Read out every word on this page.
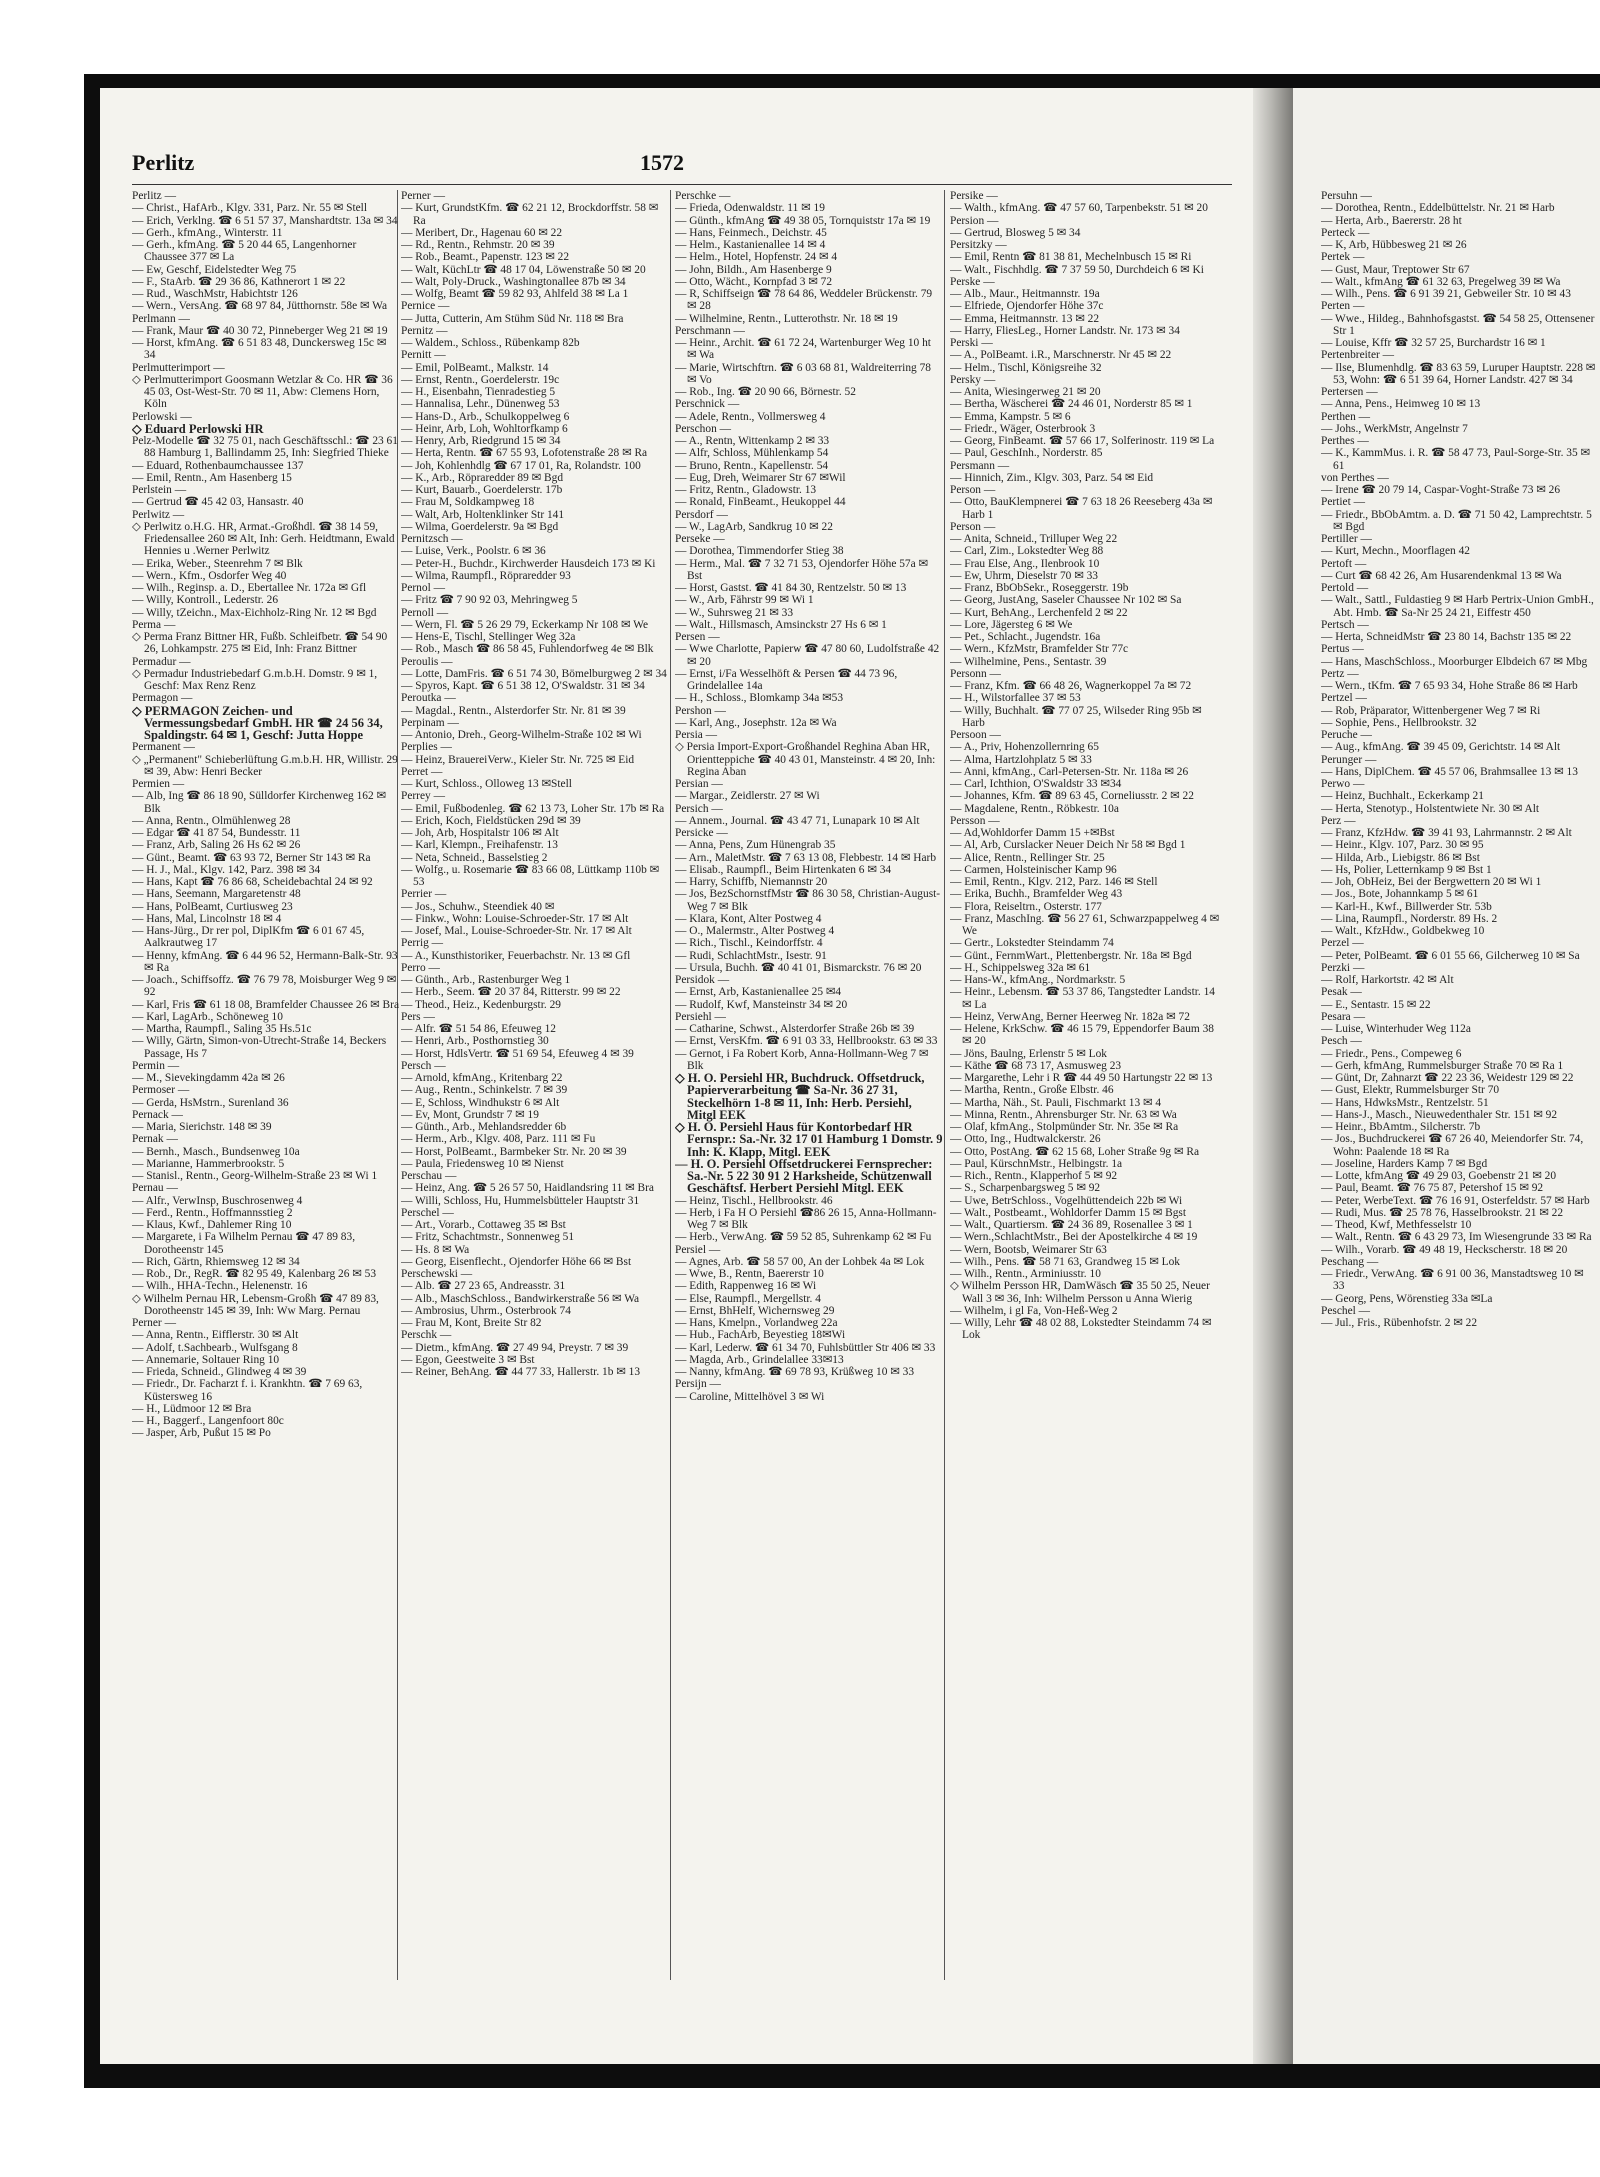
Perlitz	1572

Perlitz —

— Christ., HafArb., Klgv. 331, Parz. Nr. 55 ✉ Stell

— Erich, Verklng. ☎ 6 51 57 37, Manshardtstr. 13a ✉ 34

— Gerh., kfmAng., Winterstr. 11

— Gerh., kfmAng. ☎ 5 20 44 65, Langenhorner Chaussee 377 ✉ La

— Ew, Geschf, Eidelstedter Weg 75

— F., StaArb. ☎ 29 36 86, Kathnerort 1 ✉ 22

— Rud., WaschMstr, Habichtstr 126

— Wern., VersAng. ☎ 68 97 84, Jütthornstr. 58e ✉ Wa

Perlmann —

— Frank, Maur ☎ 40 30 72, Pinneberger Weg 21 ✉ 19

— Horst, kfmAng. ☎ 6 51 83 48, Dunckersweg 15c ✉ 34

Perlmutterimport —

◇ Perlmutterimport Goosmann Wetzlar & Co. HR ☎ 36 45 03, Ost-West-Str. 70 ✉ 11, Abw: Clemens Horn, Köln

Perlowski —

◇ Eduard Perlowski HR

Pelz-Modelle ☎ 32 75 01, nach Geschäftsschl.: ☎ 23 61 88 Hamburg 1, Ballindamm 25, Inh: Siegfried Thieke

— Eduard, Rothenbaumchaussee 137

— Emil, Rentn., Am Hasenberg 15

Perlstein —

— Gertrud ☎ 45 42 03, Hansastr. 40

Perlwitz —

◇ Perlwitz o.H.G. HR, Armat.-Großhdl. ☎ 38 14 59, Friedensallee 260 ✉ Alt, Inh: Gerh. Heidtmann, Ewald Hennies u .Werner Perlwitz

— Erika, Weber., Steenrehm 7 ✉ Blk

— Wern., Kfm., Osdorfer Weg 40

— Wilh., Reginsp. a. D., Ebertallee Nr. 172a ✉ Gfl

— Willy, Kontroll., Lederstr. 26

— Willy, tZeichn., Max-Eichholz-Ring Nr. 12 ✉ Bgd

Perma —

◇ Perma Franz Bittner HR, Fußb. Schleifbetr. ☎ 54 90 26, Lohkampstr. 275 ✉ Eid, Inh: Franz Bittner

Permadur —

◇ Permadur Industriebedarf G.m.b.H. Domstr. 9 ✉ 1, Geschf: Max Renz Renz

Permagon —

◇ PERMAGON Zeichen- und Vermessungsbedarf GmbH. HR ☎ 24 56 34, Spaldingstr. 64 ✉ 1, Geschf: Jutta Hoppe

Permanent —

◇ „Permanent" Schieberlüftung G.m.b.H. HR, Willistr. 29 ✉ 39, Abw: Henri Becker

Permien —

— Alb, Ing ☎ 86 18 90, Sülldorfer Kirchenweg 162 ✉ Blk

— Anna, Rentn., Olmühlenweg 28

— Edgar ☎ 41 87 54, Bundesstr. 11

— Franz, Arb, Saling 26 Hs 62 ✉ 26

— Günt., Beamt. ☎ 63 93 72, Berner Str 143 ✉ Ra

— H. J., Mal., Klgv. 142, Parz. 398 ✉ 34

— Hans, Kapt ☎ 76 86 68, Scheidebachtal 24 ✉ 92

— Hans, Seemann, Margaretenstr 48

— Hans, PolBeamt, Curtiusweg 23

— Hans, Mal, Lincolnstr 18 ✉ 4

— Hans-Jürg., Dr rer pol, DiplKfm ☎ 6 01 67 45, Aalkrautweg 17

— Henny, kfmAng. ☎ 6 44 96 52, Hermann-Balk-Str. 93 ✉ Ra

— Joach., Schiffsoffz. ☎ 76 79 78, Moisburger Weg 9 ✉ 92

— Karl, Fris ☎ 61 18 08, Bramfelder Chaussee 26 ✉ Bra

— Karl, LagArb., Schöneweg 10

— Martha, Raumpfl., Saling 35 Hs.51c

— Willy, Gärtn, Simon-von-Utrecht-Straße 14, Beckers Passage, Hs 7

Permin —

— M., Sievekingdamm 42a ✉ 26

Permoser —

— Gerda, HsMstrn., Surenland 36

Pernack —

— Maria, Sierichstr. 148 ✉ 39

Pernak —

— Bernh., Masch., Bundsenweg 10a

— Marianne, Hammerbrookstr. 5

— Stanisl., Rentn., Georg-Wilhelm-Straße 23 ✉ Wi 1

Pernau —

— Alfr., VerwInsp, Buschrosenweg 4

— Ferd., Rentn., Hoffmannsstieg 2

— Klaus, Kwf., Dahlemer Ring 10

— Margarete, i Fa Wilhelm Pernau ☎ 47 89 83, Dorotheenstr 145

— Rich, Gärtn, Rhiemsweg 12 ✉ 34

— Rob., Dr., RegR. ☎ 82 95 49, Kalenbarg 26 ✉ 53

— Wilh., HHA-Techn., Helenenstr. 16

◇ Wilhelm Pernau HR, Lebensm-Großh ☎ 47 89 83, Dorotheenstr 145 ✉ 39, Inh: Ww Marg. Pernau

Perner —

— Anna, Rentn., Eifflerstr. 30 ✉ Alt

— Adolf, t.Sachbearb., Wulfsgang 8

— Annemarie, Soltauer Ring 10

— Frieda, Schneid., Glindweg 4 ✉ 39

— Friedr., Dr. Facharzt f. i. Krankhtn. ☎ 7 69 63, Küstersweg 16

— H., Lüdmoor 12 ✉ Bra

— H., Baggerf., Langenfoort 80c

— Jasper, Arb, Pußut 15 ✉ Po

Perner —

— Kurt, GrundstKfm. ☎ 62 21 12, Brockdorffstr. 58 ✉ Ra

— Meribert, Dr., Hagenau 60 ✉ 22

— Rd., Rentn., Rehmstr. 20 ✉ 39

— Rob., Beamt., Papenstr. 123 ✉ 22

— Walt, KüchLtr ☎ 48 17 04, Löwenstraße 50 ✉ 20

— Walt, Poly-Druck., Washingtonallee 87b ✉ 34

— Wolfg, Beamt ☎ 59 82 93, Ahlfeld 38 ✉ La 1

Pernice —

— Jutta, Cutterin, Am Stühm Süd Nr. 118 ✉ Bra

Pernitz —

— Waldem., Schloss., Rübenkamp 82b

Pernitt —

— Emil, PolBeamt., Malkstr. 14

— Ernst, Rentn., Goerdelerstr. 19c

— H., Eisenbahn, Tienradestieg 5

— Hannalisa, Lehr., Dünenweg 53

— Hans-D., Arb., Schulkoppelweg 6

— Heinr, Arb, Loh, Wohltorfkamp 6

— Henry, Arb, Riedgrund 15 ✉ 34

— Herta, Rentn. ☎ 67 55 93, Lofotenstraße 28 ✉ Ra

— Joh, Kohlenhdlg ☎ 67 17 01, Ra, Rolandstr. 100

— K., Arb., Röpraredder 89 ✉ Bgd

— Kurt, Bauarb., Goerdelerstr. 17b

— Frau M, Soldkampweg 18

— Walt, Arb, Holtenklinker Str 141

— Wilma, Goerdelerstr. 9a ✉ Bgd

Pernitzsch —

— Luise, Verk., Poolstr. 6 ✉ 36

— Peter-H., Buchdr., Kirchwerder Hausdeich 173 ✉ Ki

— Wilma, Raumpfl., Röpraredder 93

Pernol —

— Fritz ☎ 7 90 92 03, Mehringweg 5

Pernoll —

— Wern, Fl. ☎ 5 26 29 79, Eckerkamp Nr 108 ✉ We

— Hens-E, Tischl, Stellinger Weg 32a

— Rob., Masch ☎ 86 58 45, Fuhlendorfweg 4e ✉ Blk

Peroulis —

— Lotte, DamFris. ☎ 6 51 74 30, Bömelburgweg 2 ✉ 34

— Spyros, Kapt. ☎ 6 51 38 12, O'Swaldstr. 31 ✉ 34

Peroutka —

— Magdal., Rentn., Alsterdorfer Str. Nr. 81 ✉ 39

Perpinam —

— Antonio, Dreh., Georg-Wilhelm-Straße 102 ✉ Wi

Perplies —

— Heinz, BrauereiVerw., Kieler Str. Nr. 725 ✉ Eid

Perret —

— Kurt, Schloss., Olloweg 13 ✉Stell

Perrey —

— Emil, Fußbodenleg. ☎ 62 13 73, Loher Str. 17b ✉ Ra

— Erich, Koch, Fieldstücken 29d ✉ 39

— Joh, Arb, Hospitalstr 106 ✉ Alt

— Karl, Klempn., Freihafenstr. 13

— Neta, Schneid., Basselstieg 2

— Wolfg., u. Rosemarie ☎ 83 66 08, Lüttkamp 110b ✉ 53

Perrier —

— Jos., Schuhw., Steendiek 40 ✉

— Finkw., Wohn: Louise-Schroeder-Str. 17 ✉ Alt

— Josef, Mal., Louise-Schroeder-Str. Nr. 17 ✉ Alt

Perrig —

— A., Kunsthistoriker, Feuerbachstr. Nr. 13 ✉ Gfl

Perro —

— Günth., Arb., Rastenburger Weg 1

— Herb., Seem. ☎ 20 37 84, Ritterstr. 99 ✉ 22

— Theod., Heiz., Kedenburgstr. 29

Pers —

— Alfr. ☎ 51 54 86, Efeuweg 12

— Henri, Arb., Posthornstieg 30

— Horst, HdlsVertr. ☎ 51 69 54, Efeuweg 4 ✉ 39

Persch —

— Arnold, kfmAng., Kritenbarg 22

— Aug., Rentn., Schinkelstr. 7 ✉ 39

— E, Schloss, Windhukstr 6 ✉ Alt

— Ev, Mont, Grundstr 7 ✉ 19

— Günth., Arb., Mehlandsredder 6b

— Herm., Arb., Klgv. 408, Parz. 111 ✉ Fu

— Horst, PolBeamt., Barmbeker Str. Nr. 20 ✉ 39

— Paula, Friedensweg 10 ✉ Nienst

Perschau —

— Heinz, Ang. ☎ 5 26 57 50, Haidlandsring 11 ✉ Bra

— Willi, Schloss, Hu, Hummelsbütteler Hauptstr 31

Perschel —

— Art., Vorarb., Cottaweg 35 ✉ Bst

— Fritz, Schachtmstr., Sonnenweg 51

— Hs. 8 ✉ Wa

— Georg, Eisenflecht., Ojendorfer Höhe 66 ✉ Bst

Perschewski —

— Alb. ☎ 27 23 65, Andreasstr. 31

— Alb., MaschSchloss., Bandwirkerstraße 56 ✉ Wa

— Ambrosius, Uhrm., Osterbrook 74

— Frau M, Kont, Breite Str 82

Perschk —

— Dietm., kfmAng. ☎ 27 49 94, Preystr. 7 ✉ 39

— Egon, Geestweite 3 ✉ Bst

— Reiner, BehAng. ☎ 44 77 33, Hallerstr. 1b ✉ 13

Perschke —

— Frieda, Odenwaldstr. 11 ✉ 19

— Günth., kfmAng ☎ 49 38 05, Tornquiststr 17a ✉ 19

— Hans, Feinmech., Deichstr. 45

— Helm., Kastanienallee 14 ✉ 4

— Helm., Hotel, Hopfenstr. 24 ✉ 4

— John, Bildh., Am Hasenberge 9

— Otto, Wächt., Kornpfad 3 ✉ 72

— R, Schiffseign ☎ 78 64 86, Weddeler Brückenstr. 79 ✉ 28

— Wilhelmine, Rentn., Lutterothstr. Nr. 18 ✉ 19

Perschmann —

— Heinr., Archit. ☎ 61 72 24, Wartenburger Weg 10 ht ✉ Wa

— Marie, Wirtschftrn. ☎ 6 03 68 81, Waldreiterring 78 ✉ Vo

— Rob., Ing. ☎ 20 90 66, Börnestr. 52

Perschnick —

— Adele, Rentn., Vollmersweg 4

Perschon —

— A., Rentn, Wittenkamp 2 ✉ 33

— Alfr, Schloss, Mühlenkamp 54

— Bruno, Rentn., Kapellenstr. 54

— Eug, Dreh, Weimarer Str 67 ✉Wil

— Fritz, Rentn., Gladowstr. 13

— Ronald, FinBeamt., Heukoppel 44

Persdorf —

— W., LagArb, Sandkrug 10 ✉ 22

Perseke —

— Dorothea, Timmendorfer Stieg 38

— Herm., Mal. ☎ 7 32 71 53, Ojendorfer Höhe 57a ✉ Bst

— Horst, Gastst. ☎ 41 84 30, Rentzelstr. 50 ✉ 13

— W., Arb, Fährstr 99 ✉ Wi 1

— W., Suhrsweg 21 ✉ 33

— Walt., Hillsmasch, Amsinckstr 27 Hs 6 ✉ 1

Persen —

— Wwe Charlotte, Papierw ☎ 47 80 60, Ludolfstraße 42 ✉ 20

— Ernst, i/Fa Wesselhöft & Persen ☎ 44 73 96, Grindelallee 14a

— H., Schloss., Blomkamp 34a ✉53

Pershon —

— Karl, Ang., Josephstr. 12a ✉ Wa

Persia —

◇ Persia Import-Export-Großhandel Reghina Aban HR, Orientteppiche ☎ 40 43 01, Mansteinstr. 4 ✉ 20, Inh: Regina Aban

Persian —

— Margar., Zeidlerstr. 27 ✉ Wi

Persich —

— Annem., Journal. ☎ 43 47 71, Lunapark 10 ✉ Alt

Persicke —

— Anna, Pens, Zum Hünengrab 35

— Arn., MaletMstr. ☎ 7 63 13 08, Flebbestr. 14 ✉ Harb

— Elisab., Raumpfl., Beim Hirtenkaten 6 ✉ 34

— Harry, Schiffb, Niemannstr 20

— Jos, BezSchornstfMstr ☎ 86 30 58, Christian-August-Weg 7 ✉ Blk

— Klara, Kont, Alter Postweg 4

— O., Malermstr., Alter Postweg 4

— Rich., Tischl., Keindorffstr. 4

— Rudi, SchlachtMstr., Isestr. 91

— Ursula, Buchh. ☎ 40 41 01, Bismarckstr. 76 ✉ 20

Persidok —

— Ernst, Arb, Kastanienallee 25 ✉4

— Rudolf, Kwf, Mansteinstr 34 ✉ 20

Persiehl —

— Catharine, Schwst., Alsterdorfer Straße 26b ✉ 39

— Ernst, VersKfm. ☎ 6 91 03 33, Hellbrookstr. 63 ✉ 33

— Gernot, i Fa Robert Korb, Anna-Hollmann-Weg 7 ✉ Blk

◇ H. O. Persiehl HR, Buchdruck. Offsetdruck, Papierverarbeitung ☎ Sa-Nr. 36 27 31, Steckelhörn 1-8 ✉ 11, Inh: Herb. Persiehl, Mitgl EEK

◇ H. O. Persiehl Haus für Kontorbedarf HR Fernspr.: Sa.-Nr. 32 17 01 Hamburg 1 Domstr. 9 Inh: K. Klapp, Mitgl. EEK

— H. O. Persiehl Offsetdruckerei Fernsprecher: Sa.-Nr. 5 22 30 91 2 Harksheide, Schützenwall Geschäftsf. Herbert Persiehl Mitgl. EEK

— Heinz, Tischl., Hellbrookstr. 46

— Herb, i Fa H O Persiehl ☎86 26 15, Anna-Hollmann-Weg 7 ✉ Blk

— Herb., VerwAng. ☎ 59 52 85, Suhrenkamp 62 ✉ Fu

Persiel —

— Agnes, Arb. ☎ 58 57 00, An der Lohbek 4a ✉ Lok

— Wwe, B., Rentn, Baererstr 10

— Edith, Rappenweg 16 ✉ Wi

— Else, Raumpfl., Mergellstr. 4

— Ernst, BhHelf, Wichernsweg 29

— Hans, Kmelpn., Vorlandweg 22a

— Hub., FachArb, Beyestieg 18✉Wi

— Karl, Lederw. ☎ 61 34 70, Fuhlsbüttler Str 406 ✉ 33

— Magda, Arb., Grindelallee 33✉13

— Nanny, kfmAng. ☎ 69 78 93, Krüßweg 10 ✉ 33

Persijn —

— Caroline, Mittelhövel 3 ✉ Wi

Persike —

— Walth., kfmAng. ☎ 47 57 60, Tarpenbekstr. 51 ✉ 20

Persion —

— Gertrud, Blosweg 5 ✉ 34

Persitzky —

— Emil, Rentn ☎ 81 38 81, Mechelnbusch 15 ✉ Ri

— Walt., Fischhdlg. ☎ 7 37 59 50, Durchdeich 6 ✉ Ki

Perske —

— Alb., Maur., Heitmannstr. 19a

— Elfriede, Ojendorfer Höhe 37c

— Emma, Heitmannstr. 13 ✉ 22

— Harry, FliesLeg., Horner Landstr. Nr. 173 ✉ 34

Perski —

— A., PolBeamt. i.R., Marschnerstr. Nr 45 ✉ 22

— Helm., Tischl, Königsreihe 32

Persky —

— Anita, Wiesingerweg 21 ✉ 20

— Bertha, Wäscherei ☎ 24 46 01, Norderstr 85 ✉ 1

— Emma, Kampstr. 5 ✉ 6

— Friedr., Wäger, Osterbrook 3

— Georg, FinBeamt. ☎ 57 66 17, Solferinostr. 119 ✉ La

— Paul, GeschInh., Norderstr. 85

Persmann —

— Hinnich, Zim., Klgv. 303, Parz. 54 ✉ Eid

Person —

— Otto, BauKlempnerei ☎ 7 63 18 26 Reeseberg 43a ✉ Harb 1

Person —

— Anita, Schneid., Trilluper Weg 22

— Carl, Zim., Lokstedter Weg 88

— Frau Else, Ang., Ilenbrook 10

— Ew, Uhrm, Dieselstr 70 ✉ 33

— Franz, BbObSekr., Roseggerstr. 19b

— Georg, JustAng, Saseler Chaussee Nr 102 ✉ Sa

— Kurt, BehAng., Lerchenfeld 2 ✉ 22

— Lore, Jägersteg 6 ✉ We

— Pet., Schlacht., Jugendstr. 16a

— Wern., KfzMstr, Bramfelder Str 77c

— Wilhelmine, Pens., Sentastr. 39

Personn —

— Franz, Kfm. ☎ 66 48 26, Wagnerkoppel 7a ✉ 72

— H., Wilstorfallee 37 ✉ 53

— Willy, Buchhalt. ☎ 77 07 25, Wilseder Ring 95b ✉ Harb

Persoon —

— A., Priv, Hohenzollernring 65

— Alma, Hartzlohplatz 5 ✉ 33

— Anni, kfmAng., Carl-Petersen-Str. Nr. 118a ✉ 26

— Carl, Ichthion, O'Swaldstr 33 ✉34

— Johannes, Kfm. ☎ 89 63 45, Corneliusstr. 2 ✉ 22

— Magdalene, Rentn., Röbkestr. 10a

Persson —

— Ad,Wohldorfer Damm 15 +✉Bst

— Al, Arb, Curslacker Neuer Deich Nr 58 ✉ Bgd 1

— Alice, Rentn., Rellinger Str. 25

— Carmen, Holsteinischer Kamp 96

— Emil, Rentn., Klgv. 212, Parz. 146 ✉ Stell

— Erika, Buchh., Bramfelder Weg 43

— Flora, Reiseltrn., Osterstr. 177

— Franz, MaschIng. ☎ 56 27 61, Schwarzpappelweg 4 ✉ We

— Gertr., Lokstedter Steindamm 74

— Günt., FernmWart., Plettenbergstr. Nr. 18a ✉ Bgd

— H., Schippelsweg 32a ✉ 61

— Hans-W., kfmAng., Nordmarkstr. 5

— Heinr., Lebensm. ☎ 53 37 86, Tangstedter Landstr. 14 ✉ La

— Heinz, VerwAng, Berner Heerweg Nr. 182a ✉ 72

— Helene, KrkSchw. ☎ 46 15 79, Eppendorfer Baum 38 ✉ 20

— Jöns, Baulng, Erlenstr 5 ✉ Lok

— Käthe ☎ 68 73 17, Asmusweg 23

— Margarethe, Lehr i R ☎ 44 49 50 Hartungstr 22 ✉ 13

— Martha, Rentn., Große Elbstr. 46

— Martha, Näh., St. Pauli, Fischmarkt 13 ✉ 4

— Minna, Rentn., Ahrensburger Str. Nr. 63 ✉ Wa

— Olaf, kfmAng., Stolpmünder Str. Nr. 35e ✉ Ra

— Otto, Ing., Hudtwalckerstr. 26

— Otto, PostAng. ☎ 62 15 68, Loher Straße 9g ✉ Ra

— Paul, KürschnMstr., Helbingstr. 1a

— Rich., Rentn., Klapperhof 5 ✉ 92

— S., Scharpenbargsweg 5 ✉ 92

— Uwe, BetrSchloss., Vogelhüttendeich 22b ✉ Wi

— Walt., Postbeamt., Wohldorfer Damm 15 ✉ Bgst

— Walt., Quartiersm. ☎ 24 36 89, Rosenallee 3 ✉ 1

— Wern.,SchlachtMstr., Bei der Apostelkirche 4 ✉ 19

— Wern, Bootsb, Weimarer Str 63

— Wilh., Pens. ☎ 58 71 63, Grandweg 15 ✉ Lok

— Wilh., Rentn., Arminiusstr. 10

◇ Wilhelm Persson HR, DamWäsch ☎ 35 50 25, Neuer Wall 3 ✉ 36, Inh: Wilhelm Persson u Anna Wierig

— Wilhelm, i gl Fa, Von-Heß-Weg 2

— Willy, Lehr ☎ 48 02 88, Lokstedter Steindamm 74 ✉ Lok

Persuhn —

— Dorothea, Rentn., Eddelbüttelstr. Nr. 21 ✉ Harb

— Herta, Arb., Baererstr. 28 ht

Perteck —

— K, Arb, Hübbesweg 21 ✉ 26

Pertek —

— Gust, Maur, Treptower Str 67

— Walt., kfmAng ☎ 61 32 63, Pregelweg 39 ✉ Wa

— Wilh., Pens. ☎ 6 91 39 21, Gebweiler Str. 10 ✉ 43

Perten —

— Wwe., Hildeg., Bahnhofsgastst. ☎ 54 58 25, Ottensener Str 1

— Louise, Kffr ☎ 32 57 25, Burchardstr 16 ✉ 1

Pertenbreiter —

— Ilse, Blumenhdlg. ☎ 83 63 59, Luruper Hauptstr. 228 ✉ 53, Wohn: ☎ 6 51 39 64, Horner Landstr. 427 ✉ 34

Pertersen —

— Anna, Pens., Heimweg 10 ✉ 13

Perthen —

— Johs., WerkMstr, Angelnstr 7

Perthes —

— K., KammMus. i. R. ☎ 58 47 73, Paul-Sorge-Str. 35 ✉ 61

von Perthes —

— Irene ☎ 20 79 14, Caspar-Voght-Straße 73 ✉ 26

Pertiet —

— Friedr., BbObAmtm. a. D. ☎ 71 50 42, Lamprechtstr. 5 ✉ Bgd

Pertiller —

— Kurt, Mechn., Moorflagen 42

Pertoft —

— Curt ☎ 68 42 26, Am Husarendenkmal 13 ✉ Wa

Pertold —

— Walt., Sattl., Fuldastieg 9 ✉ Harb Pertrix-Union GmbH., Abt. Hmb. ☎ Sa-Nr 25 24 21, Eiffestr 450

Pertsch —

— Herta, SchneidMstr ☎ 23 80 14, Bachstr 135 ✉ 22

Pertus —

— Hans, MaschSchloss., Moorburger Elbdeich 67 ✉ Mbg

Pertz —

— Wern., tKfm. ☎ 7 65 93 34, Hohe Straße 86 ✉ Harb

Pertzel —

— Rob, Präparator, Wittenbergener Weg 7 ✉ Ri

— Sophie, Pens., Hellbrookstr. 32

Peruche —

— Aug., kfmAng. ☎ 39 45 09, Gerichtstr. 14 ✉ Alt

Perunger —

— Hans, DiplChem. ☎ 45 57 06, Brahmsallee 13 ✉ 13

Perwo —

— Heinz, Buchhalt., Eckerkamp 21

— Herta, Stenotyp., Holstentwiete Nr. 30 ✉ Alt

Perz —

— Franz, KfzHdw. ☎ 39 41 93, Lahrmannstr. 2 ✉ Alt

— Heinr., Klgv. 107, Parz. 30 ✉ 95

— Hilda, Arb., Liebigstr. 86 ✉ Bst

— Hs, Polier, Letternkamp 9 ✉ Bst 1

— Joh, ObHeiz, Bei der Bergwettern 20 ✉ Wi 1

— Jos., Bote, Johannkamp 5 ✉ 61

— Karl-H., Kwf., Billwerder Str. 53b

— Lina, Raumpfl., Norderstr. 89 Hs. 2

— Walt., KfzHdw., Goldbekweg 10

Perzel —

— Peter, PolBeamt. ☎ 6 01 55 66, Gilcherweg 10 ✉ Sa

Perzki —

— Rolf, Harkortstr. 42 ✉ Alt

Pesak —

— E., Sentastr. 15 ✉ 22

Pesara —

— Luise, Winterhuder Weg 112a

Pesch —

— Friedr., Pens., Compeweg 6

— Gerh, kfmAng, Rummelsburger Straße 70 ✉ Ra 1

— Günt, Dr, Zahnarzt ☎ 22 23 36, Weidestr 129 ✉ 22

— Gust, Elektr, Rummelsburger Str 70

— Hans, HdwksMstr., Rentzelstr. 51

— Hans-J., Masch., Nieuwedenthaler Str. 151 ✉ 92

— Heinr., BbAmtm., Silcherstr. 7b

— Jos., Buchdruckerei ☎ 67 26 40, Meiendorfer Str. 74, Wohn: Paalende 18 ✉ Ra

— Joseline, Harders Kamp 7 ✉ Bgd

— Lotte, kfmAng ☎ 49 29 03, Goebenstr 21 ✉ 20

— Paul, Beamt. ☎ 76 75 87, Petershof 15 ✉ 92

— Peter, WerbeText. ☎ 76 16 91, Osterfeldstr. 57 ✉ Harb

— Rudi, Mus. ☎ 25 78 76, Hasselbrookstr. 21 ✉ 22

— Theod, Kwf, Methfesselstr 10

— Walt., Rentn. ☎ 6 43 29 73, Im Wiesengrunde 33 ✉ Ra

— Wilh., Vorarb. ☎ 49 48 19, Heckscherstr. 18 ✉ 20

Peschang —

— Friedr., VerwAng. ☎ 6 91 00 36, Manstadtsweg 10 ✉ 33

— Georg, Pens, Wörenstieg 33a ✉La

Peschel —

— Jul., Fris., Rübenhofstr. 2 ✉ 22
